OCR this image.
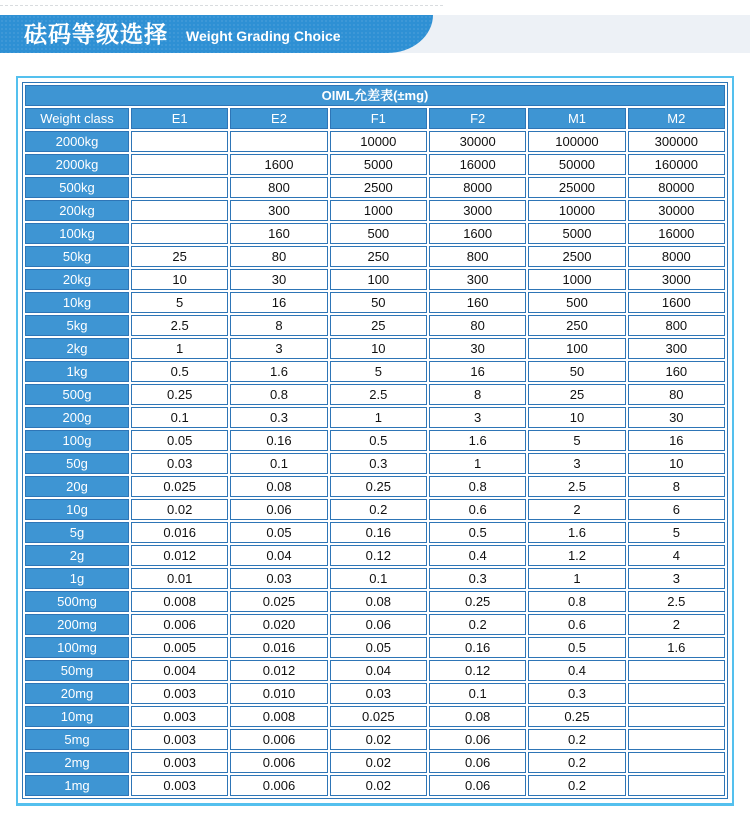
砝码等级选择 Weight Grading Choice
OIML允差表(±mg)						
Weight class	E1	E2	F1	F2	M1	M2
2000kg			10000	30000	100000	300000
2000kg		1600	5000	16000	50000	160000
500kg		800	2500	8000	25000	80000
200kg		300	1000	3000	10000	30000
100kg		160	500	1600	5000	16000
50kg	25	80	250	800	2500	8000
20kg	10	30	100	300	1000	3000
10kg	5	16	50	160	500	1600
5kg	2.5	8	25	80	250	800
2kg	1	3	10	30	100	300
1kg	0.5	1.6	5	16	50	160
500g	0.25	0.8	2.5	8	25	80
200g	0.1	0.3	1	3	10	30
100g	0.05	0.16	0.5	1.6	5	16
50g	0.03	0.1	0.3	1	3	10
20g	0.025	0.08	0.25	0.8	2.5	8
10g	0.02	0.06	0.2	0.6	2	6
5g	0.016	0.05	0.16	0.5	1.6	5
2g	0.012	0.04	0.12	0.4	1.2	4
1g	0.01	0.03	0.1	0.3	1	3
500mg	0.008	0.025	0.08	0.25	0.8	2.5
200mg	0.006	0.020	0.06	0.2	0.6	2
100mg	0.005	0.016	0.05	0.16	0.5	1.6
50mg	0.004	0.012	0.04	0.12	0.4	
20mg	0.003	0.010	0.03	0.1	0.3	
10mg	0.003	0.008	0.025	0.08	0.25	
5mg	0.003	0.006	0.02	0.06	0.2	
2mg	0.003	0.006	0.02	0.06	0.2	
1mg	0.003	0.006	0.02	0.06	0.2	
